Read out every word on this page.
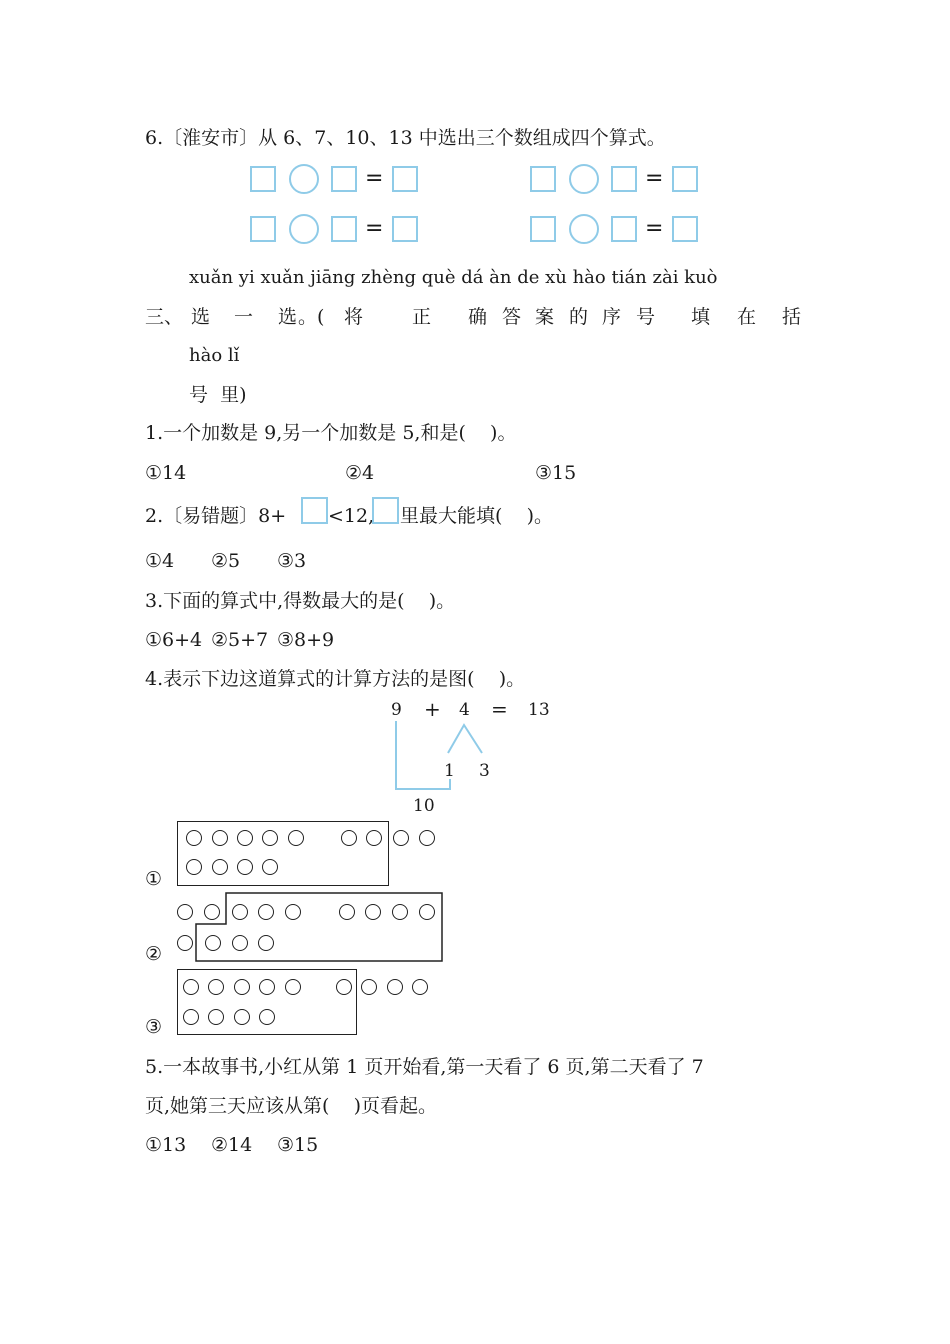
6.〔淮安市〕从 6、7、10、13 中选出三个数组成四个算式。
=
=
=
=
xuǎn yi xuǎn jiāng zhèng què dá àn de xù hào tián zài kuò
三、 选 一 选 。( 将	正 确 答 案 的 序 号 填 在 括
hào lǐ
号  里)
1.一个加数是 9,另一个加数是 5,和是(    )。
①14	②4	③15
2.〔易错题〕8+ <12, 里最大能填(    )。
①4 ②5 ③3
3.下面的算式中,得数最大的是(    )。
①6+4 ②5+7 ③8+9
4.表示下边这道算式的计算方法的是图(    )。
9 + 4 = 13
1 3
10
①
②
③
5.一本故事书,小红从第 1 页开始看,第一天看了 6 页,第二天看了 7
页,她第三天应该从第(    )页看起。
①13 ②14 ③15
